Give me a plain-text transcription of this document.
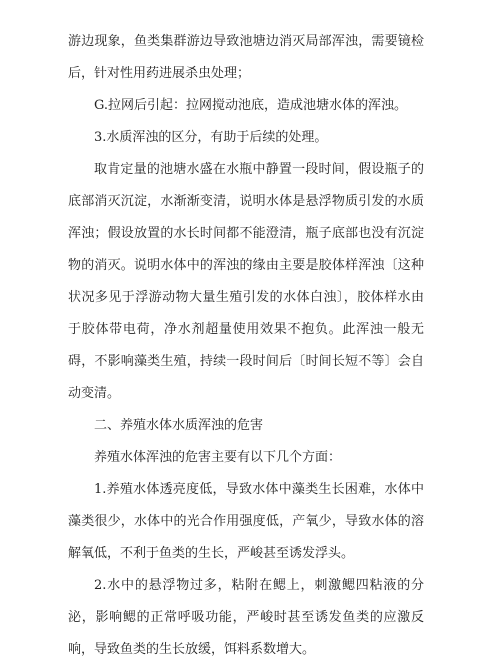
游边现象，鱼类集群游边导致池塘边消灭局部浑浊，需要镜检后，针对性用药进展杀虫处理；

G.拉网后引起：拉网搅动池底，造成池塘水体的浑浊。

3.水质浑浊的区分，有助于后续的处理。

取肯定量的池塘水盛在水瓶中静置一段时间，假设瓶子的底部消灭沉淀，水渐渐变清，说明水体是悬浮物质引发的水质浑浊；假设放置的水长时间都不能澄清，瓶子底部也没有沉淀物的消灭。说明水体中的浑浊的缘由主要是胶体样浑浊〔这种状况多见于浮游动物大量生殖引发的水体白浊〕，胶体样水由于胶体带电荷，净水剂超量使用效果不抱负。此浑浊一般无碍，不影响藻类生殖，持续一段时间后〔时间长短不等〕会自动变清。

二、养殖水体水质浑浊的危害

养殖水体浑浊的危害主要有以下几个方面：

1.养殖水体透亮度低，导致水体中藻类生长困难，水体中藻类很少，水体中的光合作用强度低，产氧少，导致水体的溶解氧低，不利于鱼类的生长，严峻甚至诱发浮头。

2.水中的悬浮物过多，粘附在鳃上，刺激鳃四粘液的分泌，影响鳃的正常呼吸功能，严峻时甚至诱发鱼类的应激反响，导致鱼类的生长放缓，饵料系数增大。
